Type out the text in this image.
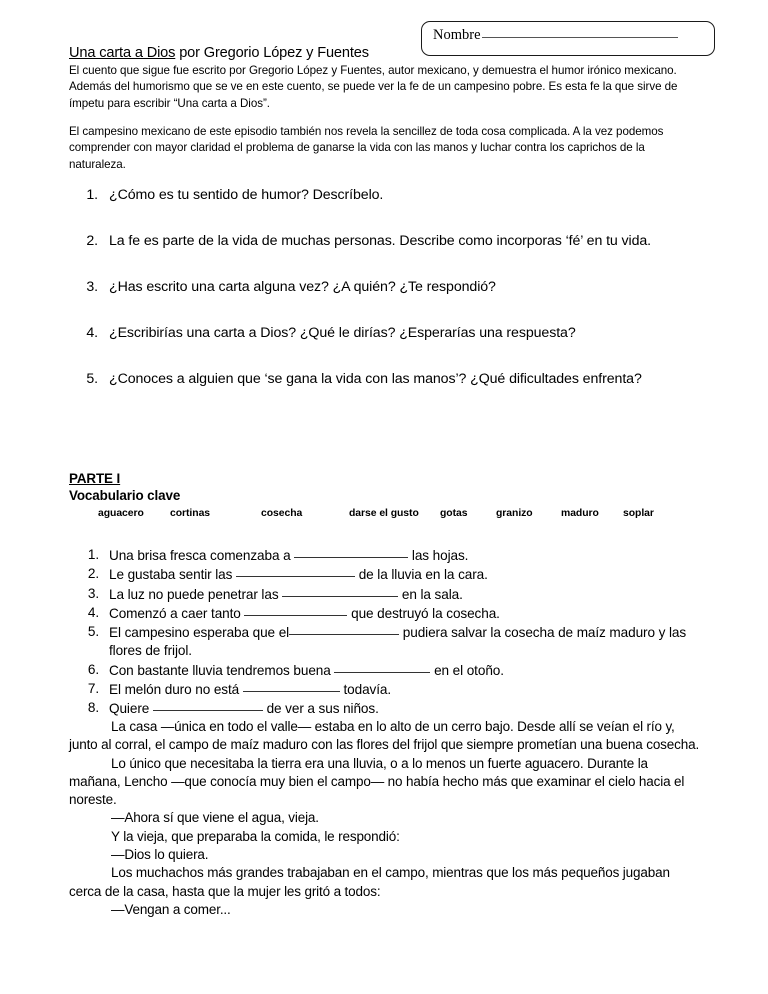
Nombre
Una carta a Dios por Gregorio López y Fuentes

El cuento que sigue fue escrito por Gregorio López y Fuentes, autor mexicano, y demuestra el humor irónico mexicano. Además del humorismo que se ve en este cuento, se puede ver la fe de un campesino pobre. Es esta fe la que sirve de ímpetu para escribir “Una carta a Dios”.

El campesino mexicano de este episodio también nos revela la sencillez de toda cosa complicada. A la vez podemos comprender con mayor claridad el problema de ganarse la vida con las manos y luchar contra los caprichos de la naturaleza.

1. ¿Cómo es tu sentido de humor? Descríbelo.
2. La fe es parte de la vida de muchas personas. Describe como incorporas ‘fé’ en tu vida.
3. ¿Has escrito una carta alguna vez? ¿A quién? ¿Te respondió?
4. ¿Escribirías una carta a Dios? ¿Qué le dirías? ¿Esperarías una respuesta?
5. ¿Conoces a alguien que ‘se gana la vida con las manos’? ¿Qué dificultades enfrenta?
PARTE I
Vocabulario clave
aguacero	cortinas	cosecha	darse el gusto	gotas	granizo	maduro	soplar
1. Una brisa fresca comenzaba a	las hojas.
2. Le gustaba sentir las	de la lluvia en la cara.
3. La luz no puede penetrar las	en la sala.
4. Comenzó a caer tanto	que destruyó la cosecha.
5. El campesino esperaba que el	pudiera salvar la cosecha de maíz maduro y las flores de frijol.
6. Con bastante lluvia tendremos buena	en el otoño.
7. El melón duro no está	todavía.
8. Quiere	de ver a sus niños.

La casa —única en todo el valle— estaba en lo alto de un cerro bajo. Desde allí se veían el río y, junto al corral, el campo de maíz maduro con las flores del frijol que siempre prometían una buena cosecha.

Lo único que necesitaba la tierra era una lluvia, o a lo menos un fuerte aguacero. Durante la mañana, Lencho —que conocía muy bien el campo— no había hecho más que examinar el cielo hacia el noreste.

—Ahora sí que viene el agua, vieja.

Y la vieja, que preparaba la comida, le respondió:

—Dios lo quiera.

Los muchachos más grandes trabajaban en el campo, mientras que los más pequeños jugaban cerca de la casa, hasta que la mujer les gritó a todos:

—Vengan a comer...
